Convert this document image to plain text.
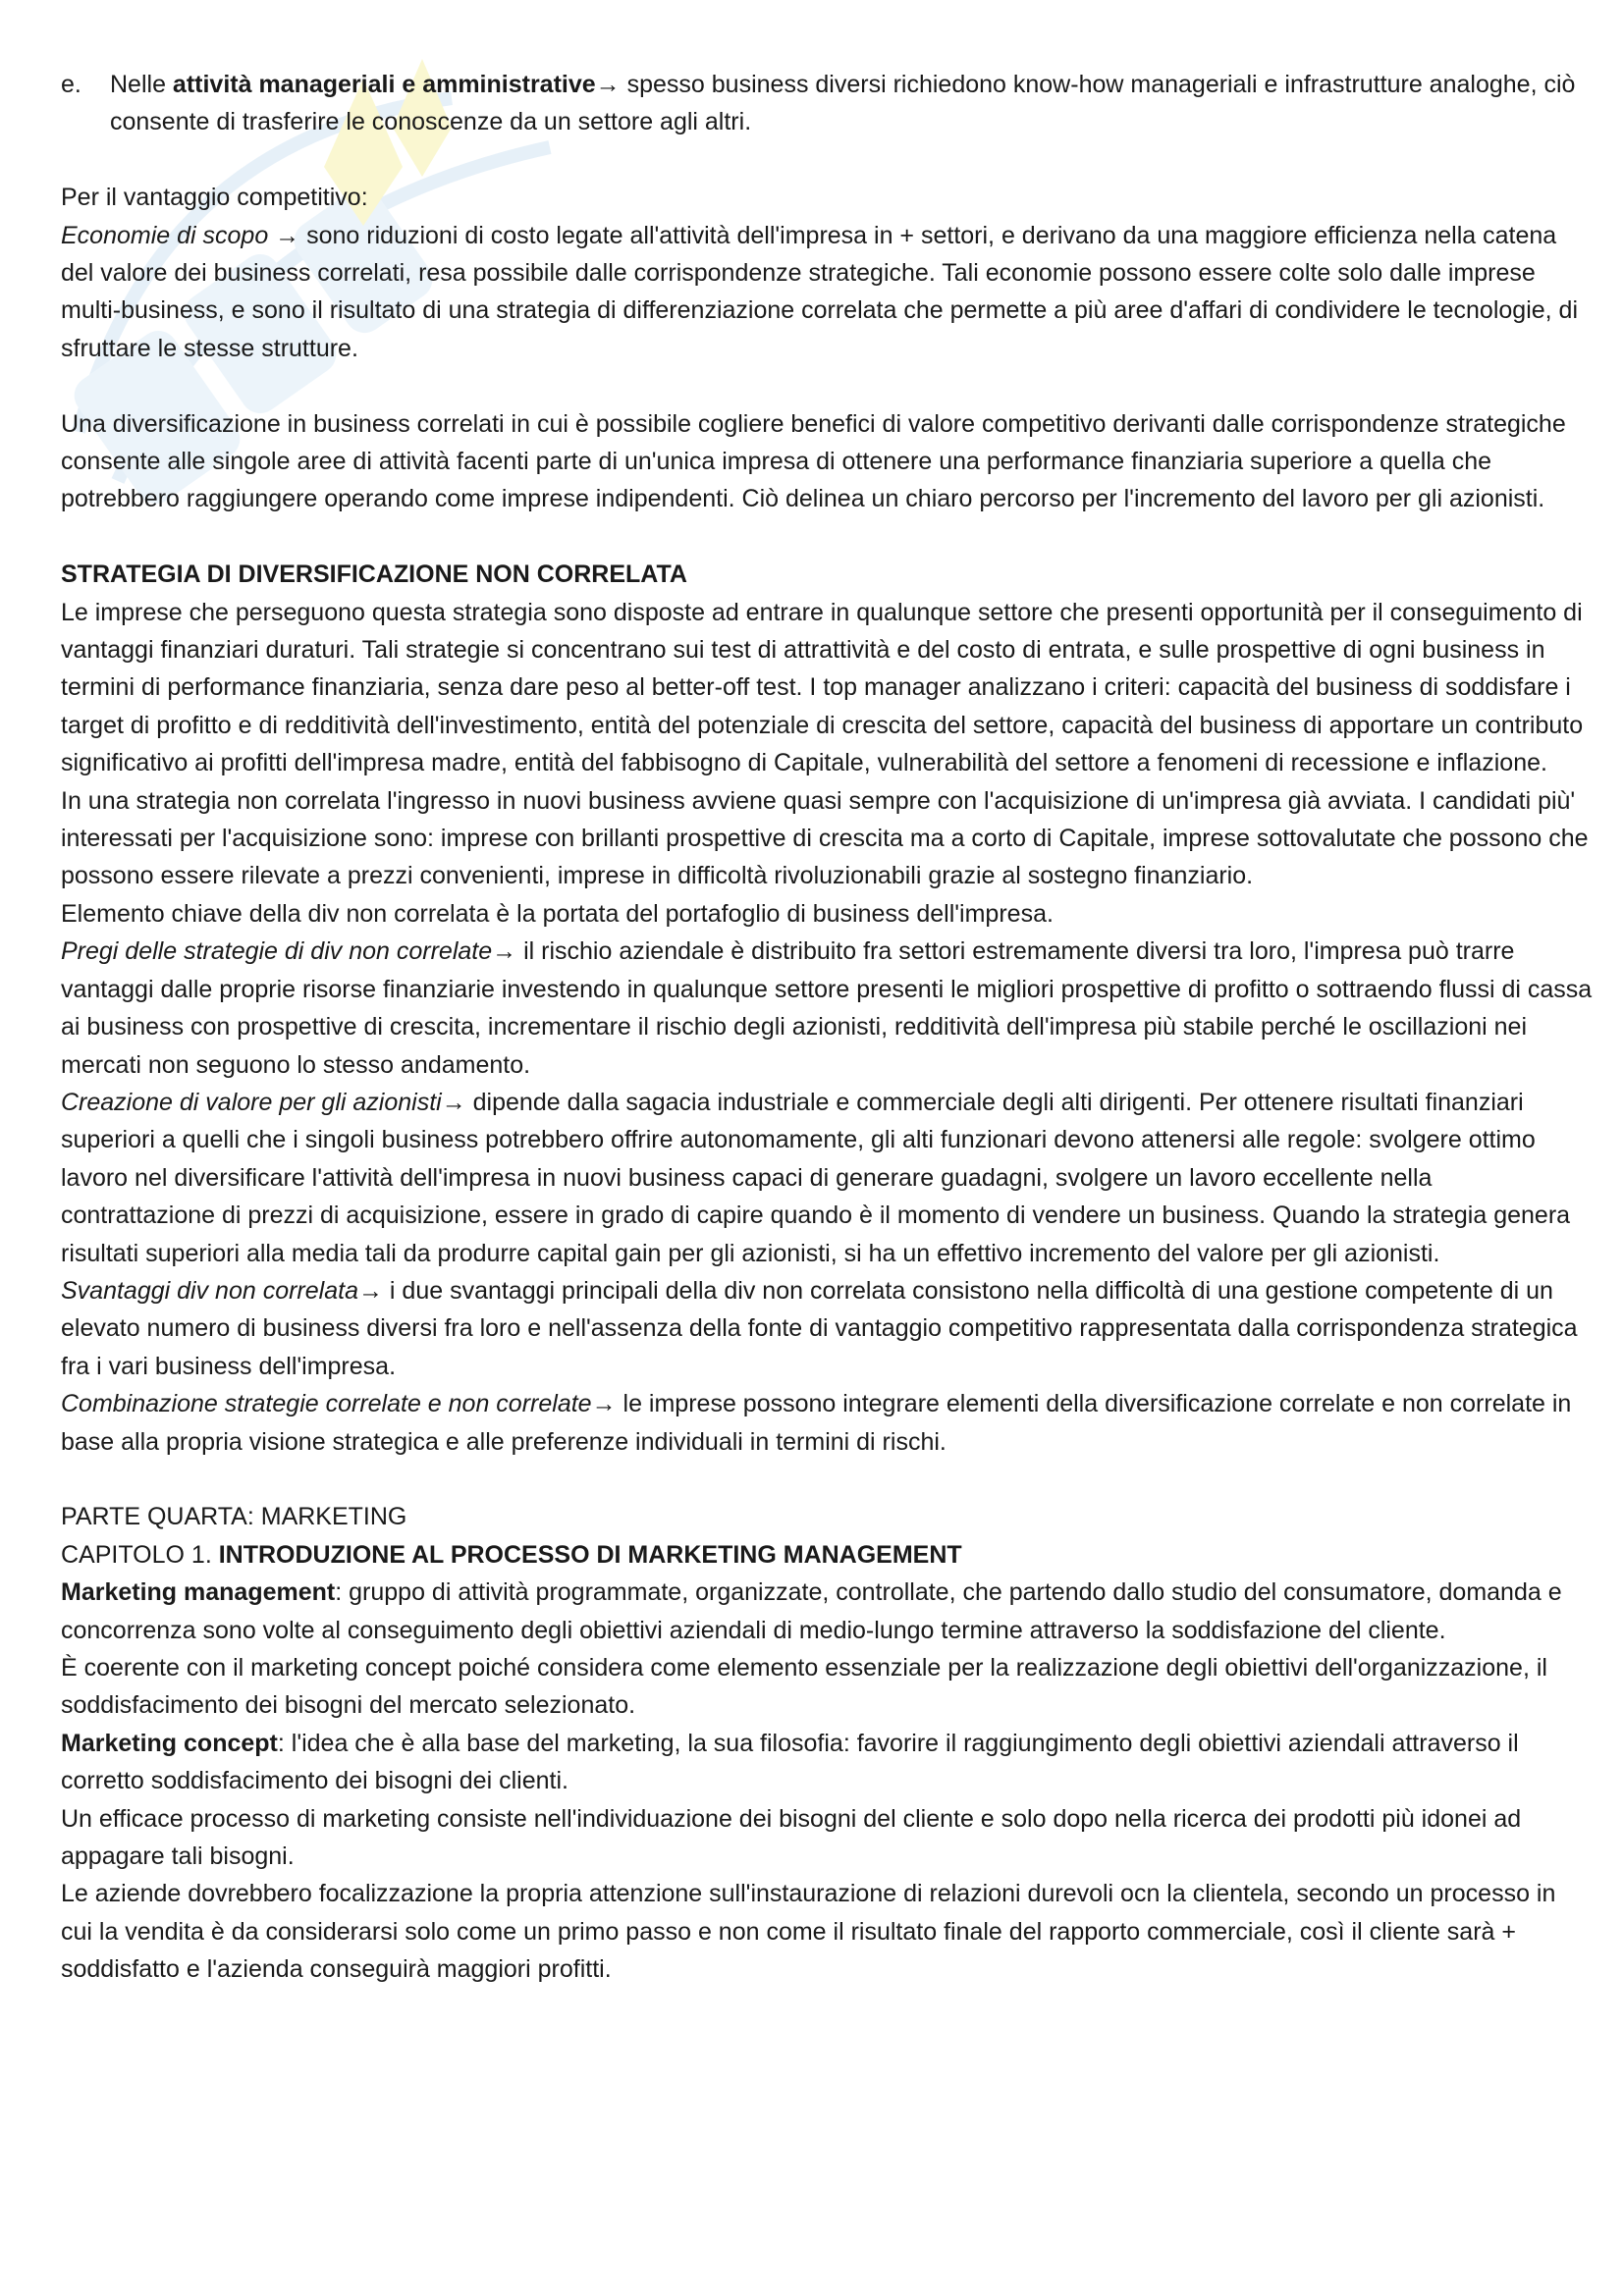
e. Nelle attività manageriali e amministrative→ spesso business diversi richiedono know-how manageriali e infrastrutture analoghe, ciò consente di trasferire le conoscenze da un settore agli altri.

Per il vantaggio competitivo:

Economie di scopo → sono riduzioni di costo legate all'attività dell'impresa in + settori, e derivano da una maggiore efficienza nella catena del valore dei business correlati, resa possibile dalle corrispondenze strategiche. Tali economie possono essere colte solo dalle imprese multi-business, e sono il risultato di una strategia di differenziazione correlata che permette a più aree d'affari di condividere le tecnologie, di sfruttare le stesse strutture.

Una diversificazione in business correlati in cui è possibile cogliere benefici di valore competitivo derivanti dalle corrispondenze strategiche consente alle singole aree di attività facenti parte di un'unica impresa di ottenere una performance finanziaria superiore a quella che potrebbero raggiungere operando come imprese indipendenti. Ciò delinea un chiaro percorso per l'incremento del lavoro per gli azionisti.

STRATEGIA DI DIVERSIFICAZIONE NON CORRELATA

Le imprese che perseguono questa strategia sono disposte ad entrare in qualunque settore che presenti opportunità per il conseguimento di vantaggi finanziari duraturi. Tali strategie si concentrano sui test di attrattività e del costo di entrata, e sulle prospettive di ogni business in termini di performance finanziaria, senza dare peso al better-off test. I top manager analizzano i criteri: capacità del business di soddisfare i target di profitto e di redditività dell'investimento, entità del potenziale di crescita del settore, capacità del business di apportare un contributo significativo ai profitti dell'impresa madre, entità del fabbisogno di Capitale, vulnerabilità del settore a fenomeni di recessione e inflazione.

In una strategia non correlata l'ingresso in nuovi business avviene quasi sempre con l'acquisizione di un'impresa già avviata. I candidati più' interessati per l'acquisizione sono: imprese con brillanti prospettive di crescita ma a corto di Capitale, imprese sottovalutate che possono che possono essere rilevate a prezzi convenienti, imprese in difficoltà rivoluzionabili grazie al sostegno finanziario.

Elemento chiave della div non correlata è la portata del portafoglio di business dell'impresa.

Pregi delle strategie di div non correlate→ il rischio aziendale è distribuito fra settori estremamente diversi tra loro, l'impresa può trarre vantaggi dalle proprie risorse finanziarie investendo in qualunque settore presenti le migliori prospettive di profitto o sottraendo flussi di cassa ai business con prospettive di crescita, incrementare il rischio degli azionisti, redditività dell'impresa più stabile perché le oscillazioni nei mercati non seguono lo stesso andamento.

Creazione di valore per gli azionisti→ dipende dalla sagacia industriale e commerciale degli alti dirigenti. Per ottenere risultati finanziari superiori a quelli che i singoli business potrebbero offrire autonomamente, gli alti funzionari devono attenersi alle regole: svolgere ottimo lavoro nel diversificare l'attività dell'impresa in nuovi business capaci di generare guadagni, svolgere un lavoro eccellente nella contrattazione di prezzi di acquisizione, essere in grado di capire quando è il momento di vendere un business. Quando la strategia genera risultati superiori alla media tali da produrre capital gain per gli azionisti, si ha un effettivo incremento del valore per gli azionisti.

Svantaggi div non correlata→ i due svantaggi principali della div non correlata consistono nella difficoltà di una gestione competente di un elevato numero di business diversi fra loro e nell'assenza della fonte di vantaggio competitivo rappresentata dalla corrispondenza strategica fra i vari business dell'impresa.

Combinazione strategie correlate e non correlate→ le imprese possono integrare elementi della diversificazione correlate e non correlate in base alla propria visione strategica e alle preferenze individuali in termini di rischi.

PARTE QUARTA: MARKETING

CAPITOLO 1. INTRODUZIONE AL PROCESSO DI MARKETING MANAGEMENT

Marketing management: gruppo di attività programmate, organizzate, controllate, che partendo dallo studio del consumatore, domanda e concorrenza sono volte al conseguimento degli obiettivi aziendali di medio-lungo termine attraverso la soddisfazione del cliente.

È coerente con il marketing concept poiché considera come elemento essenziale per la realizzazione degli obiettivi dell'organizzazione, il soddisfacimento dei bisogni del mercato selezionato.

Marketing concept: l'idea che è alla base del marketing, la sua filosofia: favorire il raggiungimento degli obiettivi aziendali attraverso il corretto soddisfacimento dei bisogni dei clienti.

Un efficace processo di marketing consiste nell'individuazione dei bisogni del cliente e solo dopo nella ricerca dei prodotti più idonei ad appagare tali bisogni.

Le aziende dovrebbero focalizzazione la propria attenzione sull'instaurazione di relazioni durevoli ocn la clientela, secondo un processo in cui la vendita è da considerarsi solo come un primo passo e non come il risultato finale del rapporto commerciale, così il cliente sarà + soddisfatto e l'azienda conseguirà maggiori profitti.
